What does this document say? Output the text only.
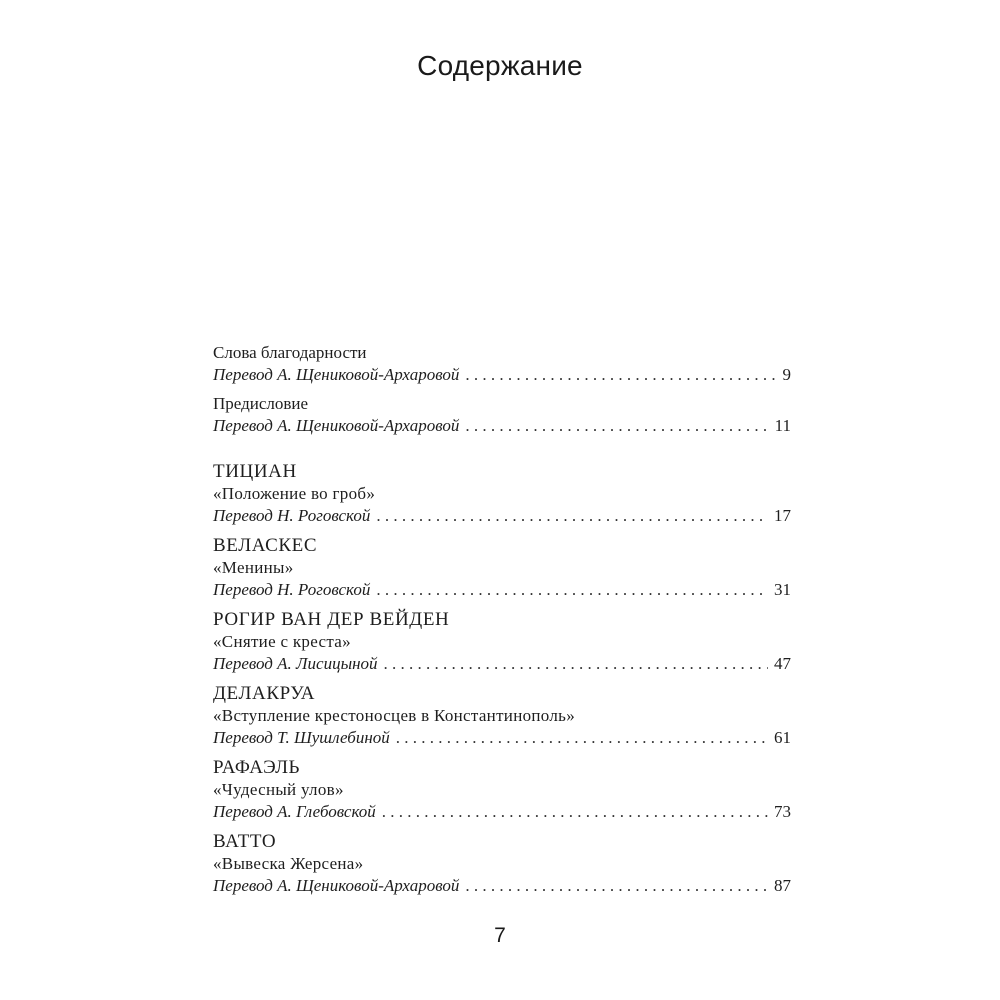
Содержание
Слова благодарности
Перевод А. Щениковой-Архаровой . . .	9
Предисловие
Перевод А. Щениковой-Архаровой . . .	11
ТИЦИАН
«Положение во гроб»
Перевод Н. Роговской . . .	17
ВЕЛАСКЕС
«Менины»
Перевод Н. Роговской . . .	31
РОГИР ВАН ДЕР ВЕЙДЕН
«Снятие с креста»
Перевод А. Лисицыной . . .	47
ДЕЛАКРУА
«Вступление крестоносцев в Константинополь»
Перевод Т. Шушлебиной . . .	61
РАФАЭЛЬ
«Чудесный улов»
Перевод А. Глебовской . . .	73
ВАТТО
«Вывеска Жерсена»
Перевод А. Щениковой-Архаровой . . .	87
7
